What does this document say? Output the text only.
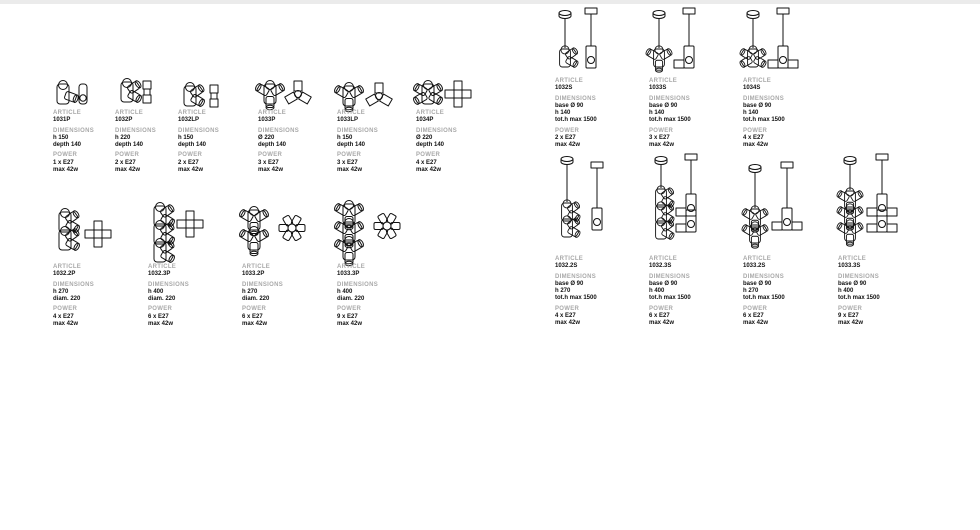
ARTICLE
1031P
DIMENSIONS
h 150
depth 140
POWER
1 x E27
max 42w
ARTICLE
1032P
DIMENSIONS
h 220
depth 140
POWER
2 x E27
max 42w
ARTICLE
1032LP
DIMENSIONS
h 150
depth 140
POWER
2 x E27
max 42w
ARTICLE
1033P
DIMENSIONS
Ø 220
depth 140
POWER
3 x E27
max 42w
ARTICLE
1033LP
DIMENSIONS
h 150
depth 140
POWER
3 x E27
max 42w
ARTICLE
1034P
DIMENSIONS
Ø 220
depth 140
POWER
4 x E27
max 42w
ARTICLE
1032S
DIMENSIONS
base Ø 90
h 140
tot.h max 1500
POWER
2 x E27
max 42w
ARTICLE
1033S
DIMENSIONS
base Ø 90
h 140
tot.h max 1500
POWER
3 x E27
max 42w
ARTICLE
1034S
DIMENSIONS
base Ø 90
h 140
tot.h max 1500
POWER
4 x E27
max 42w
ARTICLE
1032.2P
DIMENSIONS
h 270
diam. 220
POWER
4 x E27
max 42w
ARTICLE
1032.3P
DIMENSIONS
h 400
diam. 220
POWER
6 x E27
max 42w
ARTICLE
1033.2P
DIMENSIONS
h 270
diam. 220
POWER
6 x E27
max 42w
ARTICLE
1033.3P
DIMENSIONS
h 400
diam. 220
POWER
9 x E27
max 42w
ARTICLE
1032.2S
DIMENSIONS
base Ø 90
h 270
tot.h max 1500
POWER
4 x E27
max 42w
ARTICLE
1032.3S
DIMENSIONS
base Ø 90
h 400
tot.h max 1500
POWER
6 x E27
max 42w
ARTICLE
1033.2S
DIMENSIONS
base Ø 90
h 270
tot.h max 1500
POWER
6 x E27
max 42w
ARTICLE
1033.3S
DIMENSIONS
base Ø 90
h 400
tot.h max 1500
POWER
9 x E27
max 42w
